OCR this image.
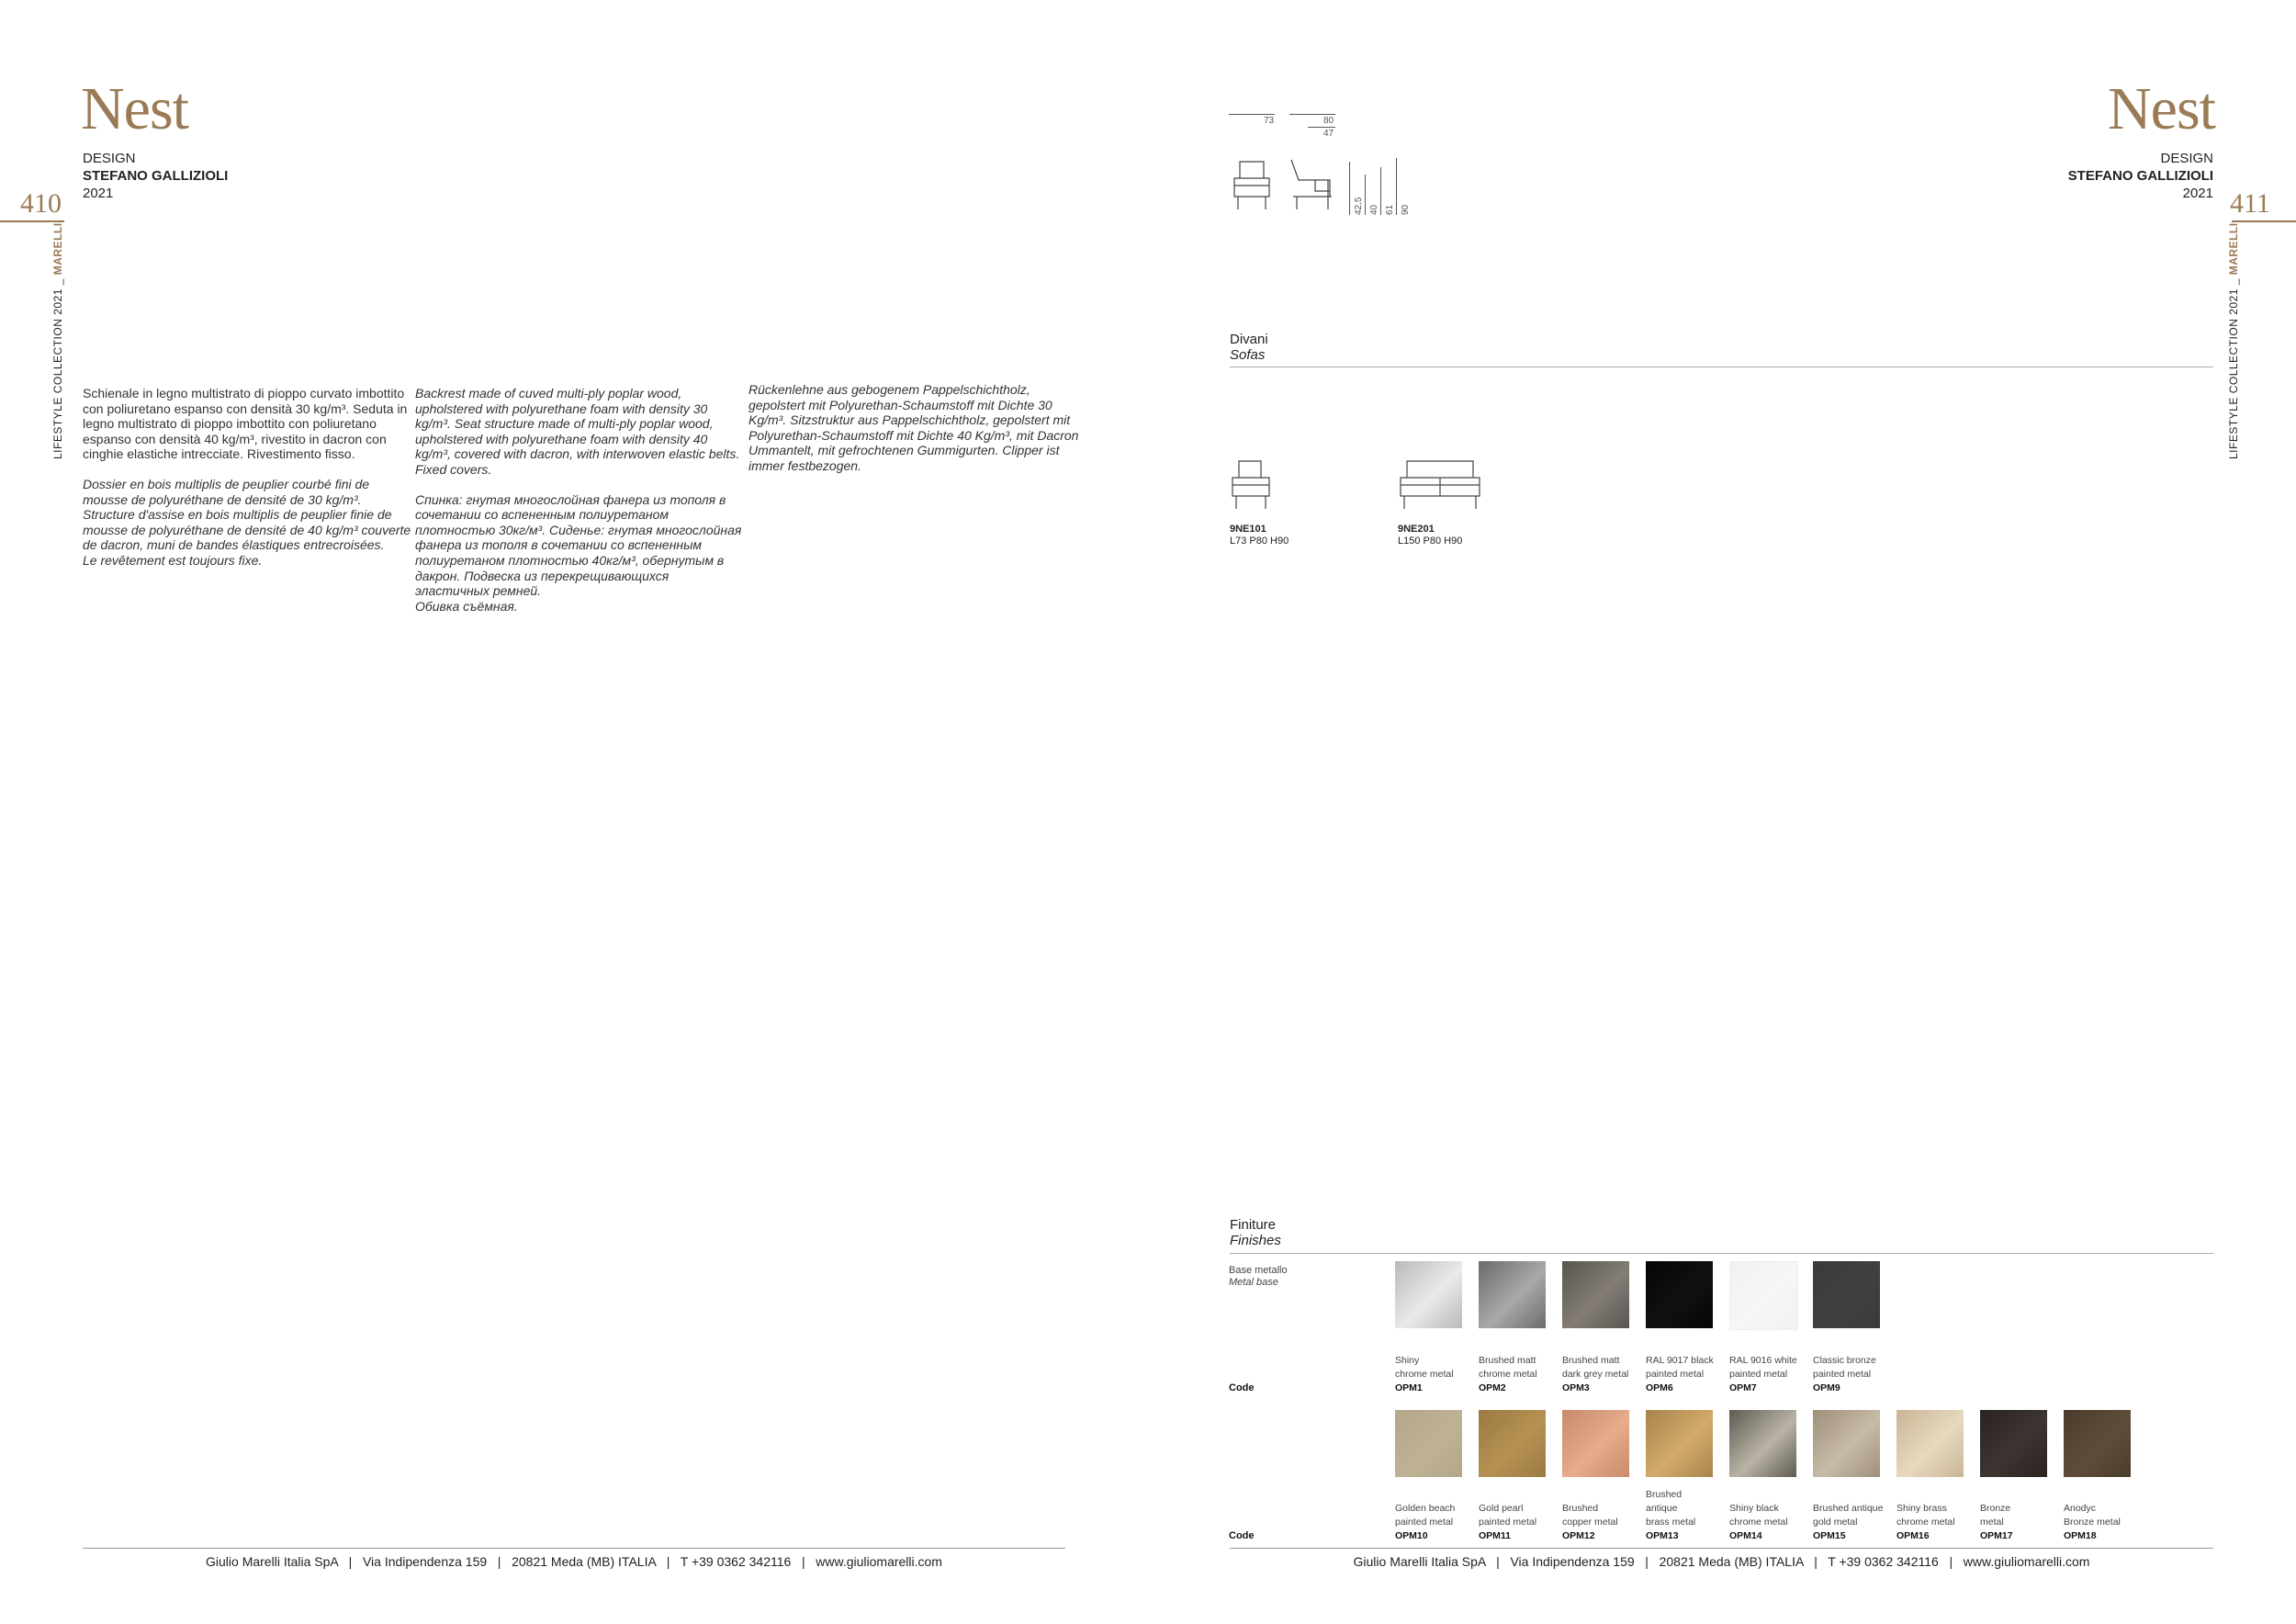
Nest
DESIGN
STEFANO GALLIZIOLI
2021
410
LIFESTYLE COLLECTION 2021 _ MARELLI

Schienale in legno multistrato di pioppo curvato imbottito con poliuretano espanso con densità 30 kg/m³. Seduta in legno multistrato di pioppo imbottito con poliuretano espanso con densità 40 kg/m³, rivestito in dacron con cinghie elastiche intrecciate. Rivestimento fisso.

Dossier en bois multiplis de peuplier courbé fini de mousse de polyuréthane de densité de 30 kg/m³. Structure d'assise en bois multiplis de peuplier finie de mousse de polyuréthane de densité de 40 kg/m³ couverte de dacron, muni de bandes élastiques entrecroisées.

Le revêtement est toujours fixe.

Backrest made of cuved multi-ply poplar wood, upholstered with polyurethane foam with density 30 kg/m³. Seat structure made of multi-ply poplar wood, upholstered with polyurethane foam with density 40 kg/m³, covered with dacron, with interwoven elastic belts. Fixed covers.

Спинка: гнутая многослойная фанера из тополя в сочетании со вспененным полиуретаном плотностью 30кг/м³. Сиденье: гнутая многослойная фанера из тополя в сочетании со вспененным полиуретаном плотностью 40кг/м³, обернутым в дакрон. Подвеска из перекрещивающихся эластичных ремней.

Обивка съёмная.

Rückenlehne aus gebogenem Pappelschichtholz, gepolstert mit Polyurethan-Schaumstoff mit Dichte 30 Kg/m³. Sitzstruktur aus Pappelschichtholz, gepolstert mit Polyurethan-Schaumstoff mit Dichte 40 Kg/m³, mit Dacron Ummantelt, mit gefrochtenen Gummigurten. Clipper ist immer festbezogen.

Giulio Marelli Italia SpA   |   Via Indipendenza 159   |   20821 Meda (MB) ITALIA   |   T +39 0362 342116   |   www.giuliomarelli.com
73	80
47
42,5 40 61 90
Nest
DESIGN
STEFANO GALLIZIOLI
2021 411
LIFESTYLE COLLECTION 2021 _ MARELLI
Divani
Sofas
9NE101
L73 P80 H90
9NE201
L150 P80 H90
Finiture
Finishes
Base metallo
Metal base
Code
Code
Shiny
chrome metal
OPM1
Brushed matt
chrome metal
OPM2
Brushed matt
dark grey metal
OPM3
RAL 9017 black
painted metal
OPM6
RAL 9016 white
painted metal
OPM7
Classic bronze
painted metal
OPM9
Golden beach
painted metal
OPM10
Gold pearl
painted metal
OPM11
Brushed
copper metal
OPM12
Brushed
antique
brass metal
OPM13
Shiny black
chrome metal
OPM14
Brushed antique
gold metal
OPM15
Shiny brass
chrome metal
OPM16
Bronze
metal
OPM17
Anodyc
Bronze metal
OPM18
Giulio Marelli Italia SpA   |   Via Indipendenza 159   |   20821 Meda (MB) ITALIA   |   T +39 0362 342116   |   www.giuliomarelli.com
